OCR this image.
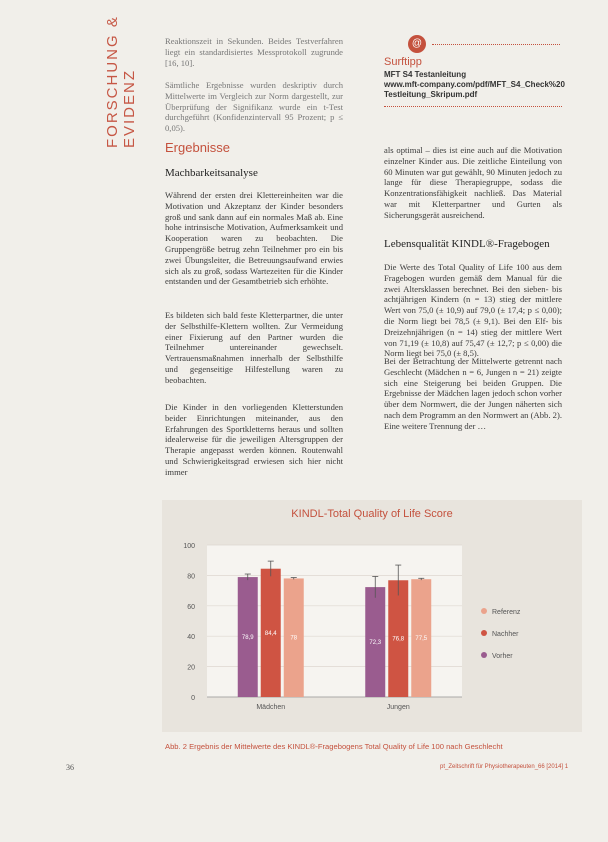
FORSCHUNG & EVIDENZ

Reaktionszeit in Sekunden. Beides Testverfahren liegt ein standardisiertes Messprotokoll zugrunde [16, 10].

Sämtliche Ergebnisse wurden deskriptiv durch Mittelwerte im Vergleich zur Norm dargestellt, zur Überprüfung der Signifikanz wurde ein t-Test durchgeführt (Konfidenzintervall 95 Prozent; p ≤ 0,05).

Ergebnisse
Machbarkeitsanalyse

Während der ersten drei Klettereinheiten war die Motivation und Akzeptanz der Kinder besonders groß und sank dann auf ein normales Maß ab. Eine hohe intrinsische Motivation, Aufmerksamkeit und Kooperation waren zu beobachten. Die Gruppengröße betrug zehn Teilnehmer pro ein bis zwei Übungsleiter, die Betreuungsaufwand erwies sich als zu groß, sodass Wartezeiten für die Kinder entstanden und der Gesamtbetrieb sich erhöhte.

Es bildeten sich bald feste Kletterpartner, die unter der Selbsthilfe-Klettern wollten. Zur Vermeidung einer Fixierung auf den Partner wurden die Teilnehmer untereinander gewechselt. Vertrauensmaßnahmen innerhalb der Selbsthilfe und gegenseitige Hilfestellung waren zu beobachten.

Die Kinder in den vorliegenden Kletterstunden beider Einrichtungen miteinander, aus den Erfahrungen des Sportkletterns heraus und sollten idealerweise für die jeweiligen Altersgruppen der Therapie angepasst werden können. Routenwahl und Schwierigkeitsgrad erwiesen sich hier nicht immer

@
Surftipp
MFT S4 Testanleitung
www.mft-company.com/pdf/MFT_S4_Check%20
Testleitung_Skripum.pdf

als optimal – dies ist eine auch auf die Motivation einzelner Kinder aus. Die zeitliche Einteilung von 60 Minuten war gut gewählt, 90 Minuten jedoch zu lange für diese Therapiegruppe, sodass die Konzentrationsfähigkeit nachließ. Das Material war mit Kletterpartner und Gurten als Sicherungsgerät ausreichend.

Lebensqualität KINDL®-Fragebogen

Die Werte des Total Quality of Life 100 aus dem Fragebogen wurden gemäß dem Manual für die zwei Altersklassen berechnet. Bei den sieben- bis achtjährigen Kindern (n = 13) stieg der mittlere Wert von 75,0 (± 10,9) auf 79,0 (± 17,4; p ≤ 0,00); die Norm liegt bei 78,5 (± 9,1). Bei den Elf- bis Dreizehnjährigen (n = 14) stieg der mittlere Wert von 71,19 (± 10,8) auf 75,47 (± 12,7; p ≤ 0,00) die Norm liegt bei 75,0 (± 8,5).

Bei der Betrachtung der Mittelwerte getrennt nach Geschlecht (Mädchen n = 6, Jungen n = 21) zeigte sich eine Steigerung bei beiden Gruppen. Die Ergebnisse der Mädchen lagen jedoch schon vorher über dem Normwert, die der Jungen näherten sich nach dem Programm an den Normwert an (Abb. 2). Eine weitere Trennung der …

KINDL-Total Quality of Life Score
0
20
40
60
80
100
78,9
84,4
78
Mädchen
72,3
76,8 77,5
Jungen
Referenz
Nachher
Vorher
Abb. 2 Ergebnis der Mittelwerte des KINDL®-Fragebogens Total Quality of Life 100 nach Geschlecht
36	pt_Zeitschrift für Physiotherapeuten_66 [2014] 1
